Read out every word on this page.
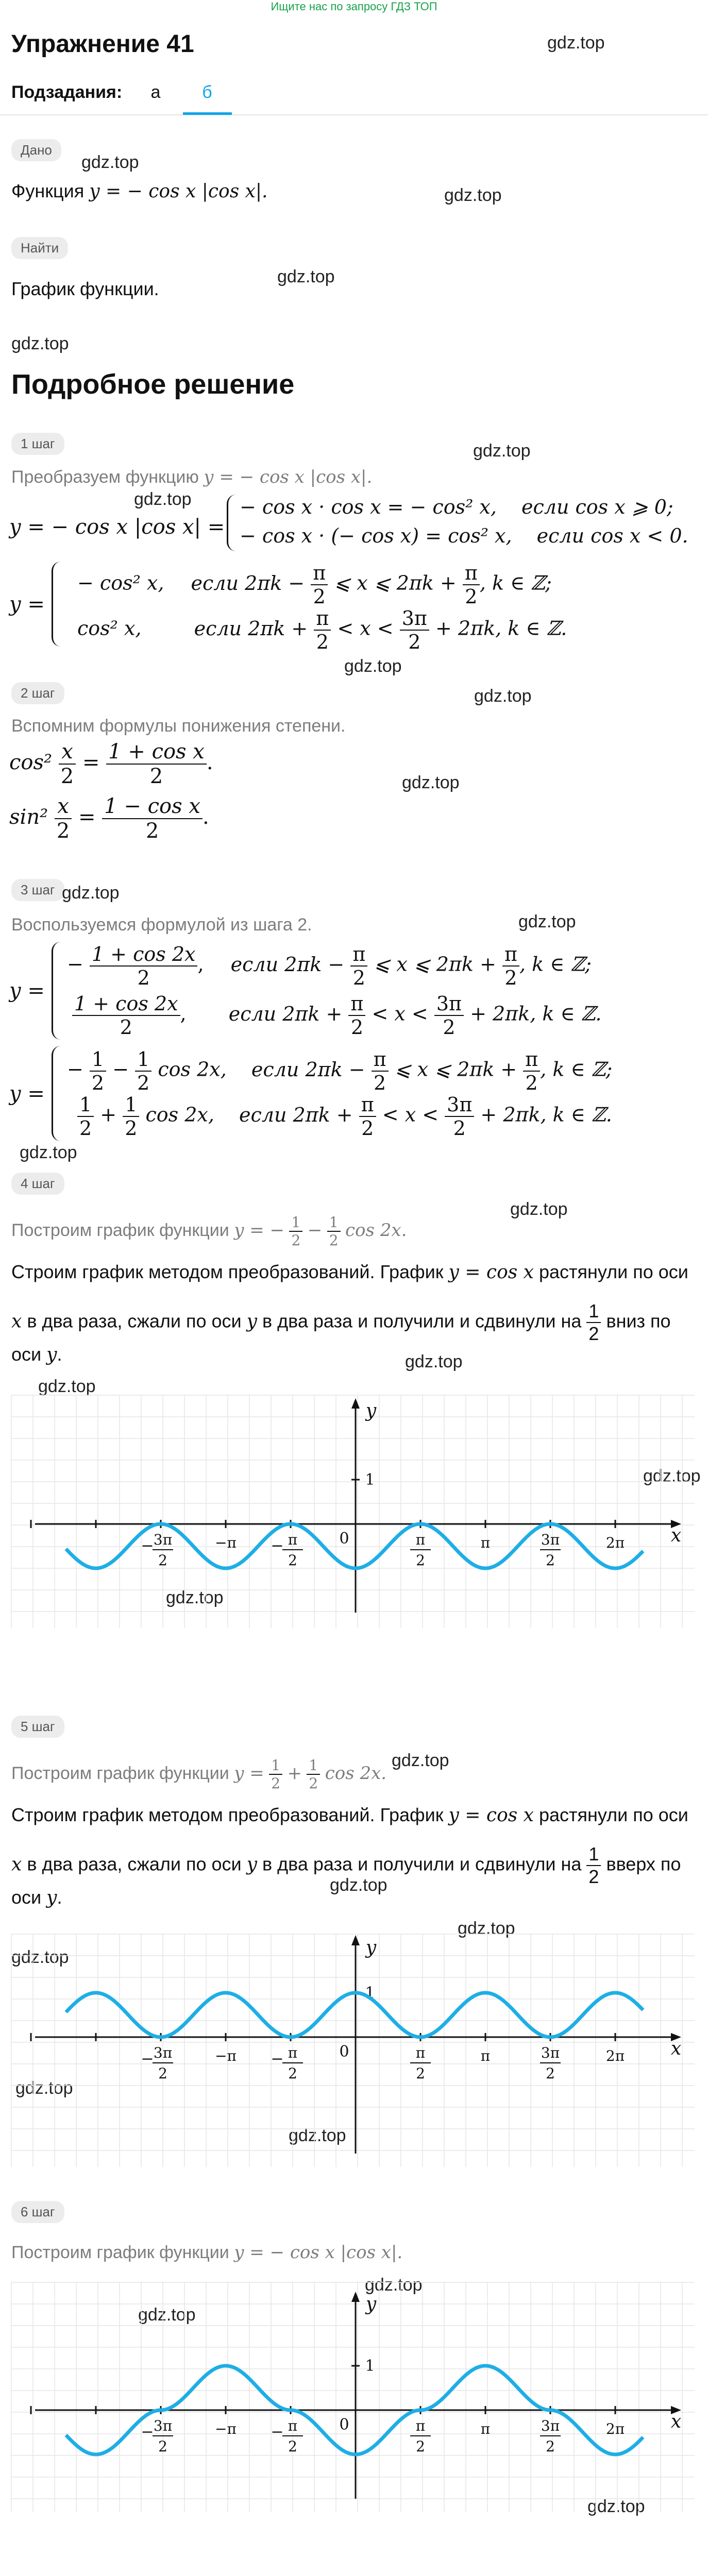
Ищите нас по запросу ГДЗ ТОП
Упражнение 41	gdz.top
Подзадания:	а	б
Дано
Функция y = − cos x |cos x|.
gdz.top
gdz.top
Найти
gdz.top
График функции.
gdz.top
Подробное решение
1 шаг	gdz.top
Преобразуем функцию y = − cos x |cos x|.
gdz.top
y = − cos x |cos x| =
− cos x · cos x = − cos² x, если cos x ⩾ 0;
− cos x · (− cos x) = cos² x, если cos x < 0.
y =
− cos² x, если $2\pi k - \frac{\pi}{2}$ ⩽ x ⩽ $2\pi k + \frac{\pi}{2}$ , k ∈ ℤ;
cos² x,	если $2\pi k + \frac{\pi}{2} < x < \frac{3\pi}{2} + 2\pi k$, k ∈ ℤ.
gdz.top
2 шаг	gdz.top
Вспомним формулы понижения степени.
$\cos^2 \frac{x}{2} = \frac{\text{1 + cos x}}{2}$ .
gdz.top
$\sin^2 \frac{x}{2} = \frac{\text{1 − cos x}}{2}$ .
3 шаг gdz.top
gdz.top
Воспользуемся формулой из шага 2.
y =
− $\frac{1 + \cos 2x}{2}$ , если $2\pi k - \frac{\pi}{2}$ ⩽ x ⩽ $2\pi k + \frac{\pi}{2}$ , k ∈ ℤ;
$\frac{1 + \cos 2x}{2}$ , если $2\pi k + \frac{\pi}{2} < x < \frac{3\pi}{2} + 2\pi k$, k ∈ ℤ.
y =
− $\frac{1}{2} - \frac{1}{2}$ cos 2x, если $2\pi k - \frac{\pi}{2}$ ⩽ x ⩽ $2\pi k + \frac{\pi}{2}$ , k ∈ ℤ;
$\frac{1}{2} + \frac{1}{2}$ cos 2x, если $2\pi k + \frac{\pi}{2} < x < \frac{3\pi}{2} + 2\pi k$, k ∈ ℤ.
gdz.top
4 шаг
gdz.top
Построим график функции y = − $\frac{1}{2} - \frac{1}{2}$ cos 2x.
Строим график методом преобразований. График y = cos x растянули по оси
x в два раза, сжали по оси y в два раза и получили и сдвинули на $\frac{1}{2}$ вниз по
оси y.	gdz.top
gdz.top
gdz.top
gdz.top
y
x
1
0
− 3π
2
−π − π
2
π
2
π	3π
2
2π
5 шаг
gdz.top
Построим график функции $y = \frac{1}{2} + \frac{1}{2}$ cos 2x.
Строим график методом преобразований. График y = cos x растянули по оси
x в два раза, сжали по оси y в два раза и получили и сдвинули на $\frac{1}{2}$ вверх по
gdz.top
оси y.
gdz.top
gdz.top
gdz.top
gdz.top
y
x
1
0
− 3π
2
−π − π
2
π
2
π	3π
2
2π
6 шаг
Построим график функции y = − cos x |cos x|.
gdz.top
gdz.top
gdz.top
y
x
1
0
− 3π
2
−π − π
2
π
2
π	3π
2
2π
